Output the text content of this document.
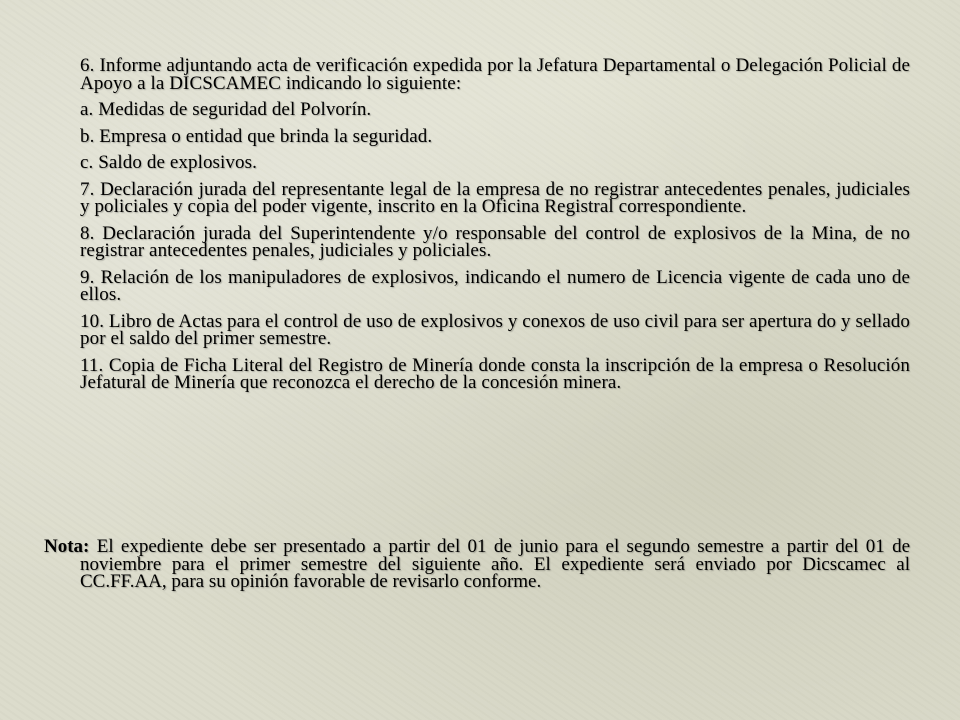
6. Informe adjuntando acta de verificación expedida por la Jefatura Departamental o Delegación Policial de Apoyo a la DICSCAMEC indicando lo siguiente:

a. Medidas de seguridad del Polvorín.

b. Empresa o entidad que brinda la seguridad.

c. Saldo de explosivos.

7. Declaración jurada del representante legal de la empresa de no registrar antecedentes penales, judiciales y policiales y copia del poder vigente, inscrito en la Oficina Registral correspondiente.

8. Declaración jurada del Superintendente y/o responsable del control de explosivos de la Mina, de no registrar antecedentes penales, judiciales y policiales.

9. Relación de los manipuladores de explosivos, indicando el numero de Licencia vigente de cada uno de ellos.

10. Libro de Actas para el control de uso de explosivos y conexos de uso civil para ser apertura do y sellado por el saldo del primer semestre.

11. Copia de Ficha Literal del Registro de Minería donde consta la inscripción de la empresa o Resolución Jefatural de Minería que reconozca el derecho de la concesión minera.

Nota: El expediente debe ser presentado a partir del 01 de junio para el segundo semestre a partir del 01 de noviembre para el primer semestre del siguiente año. El expediente será enviado por Dicscamec al CC.FF.AA, para su opinión favorable de revisarlo conforme.
